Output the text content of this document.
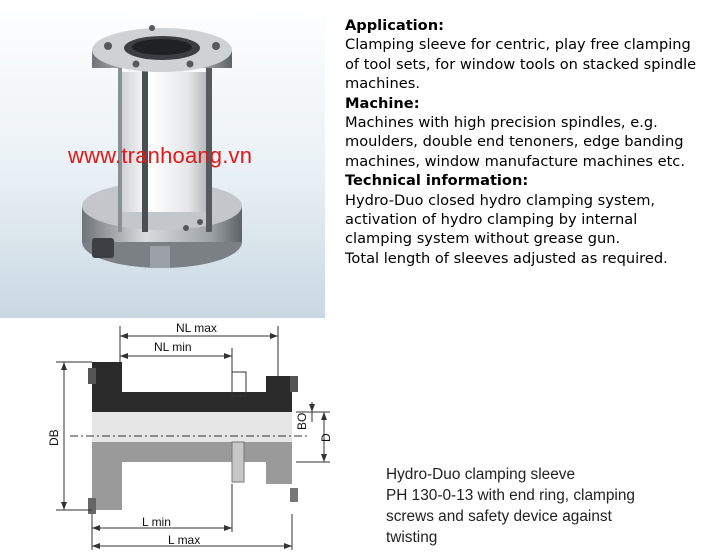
www.tranhoang.vn
Application:
Clamping sleeve for centric, play free clamping of tool sets, for window tools on stacked spindle machines.
Machine:
Machines with high precision spindles, e.g. moulders, double end tenoners, edge banding machines, window manufacture machines etc.
Technical information:
Hydro-Duo closed hydro clamping system, activation of hydro clamping by internal clamping system without grease gun.
Total length of sleeves adjusted as required.
NL max
NL min
DB
BO
D
L min
L max
Hydro-Duo clamping sleeve
PH 130-0-13 with end ring, clamping
screws and safety device against
twisting
